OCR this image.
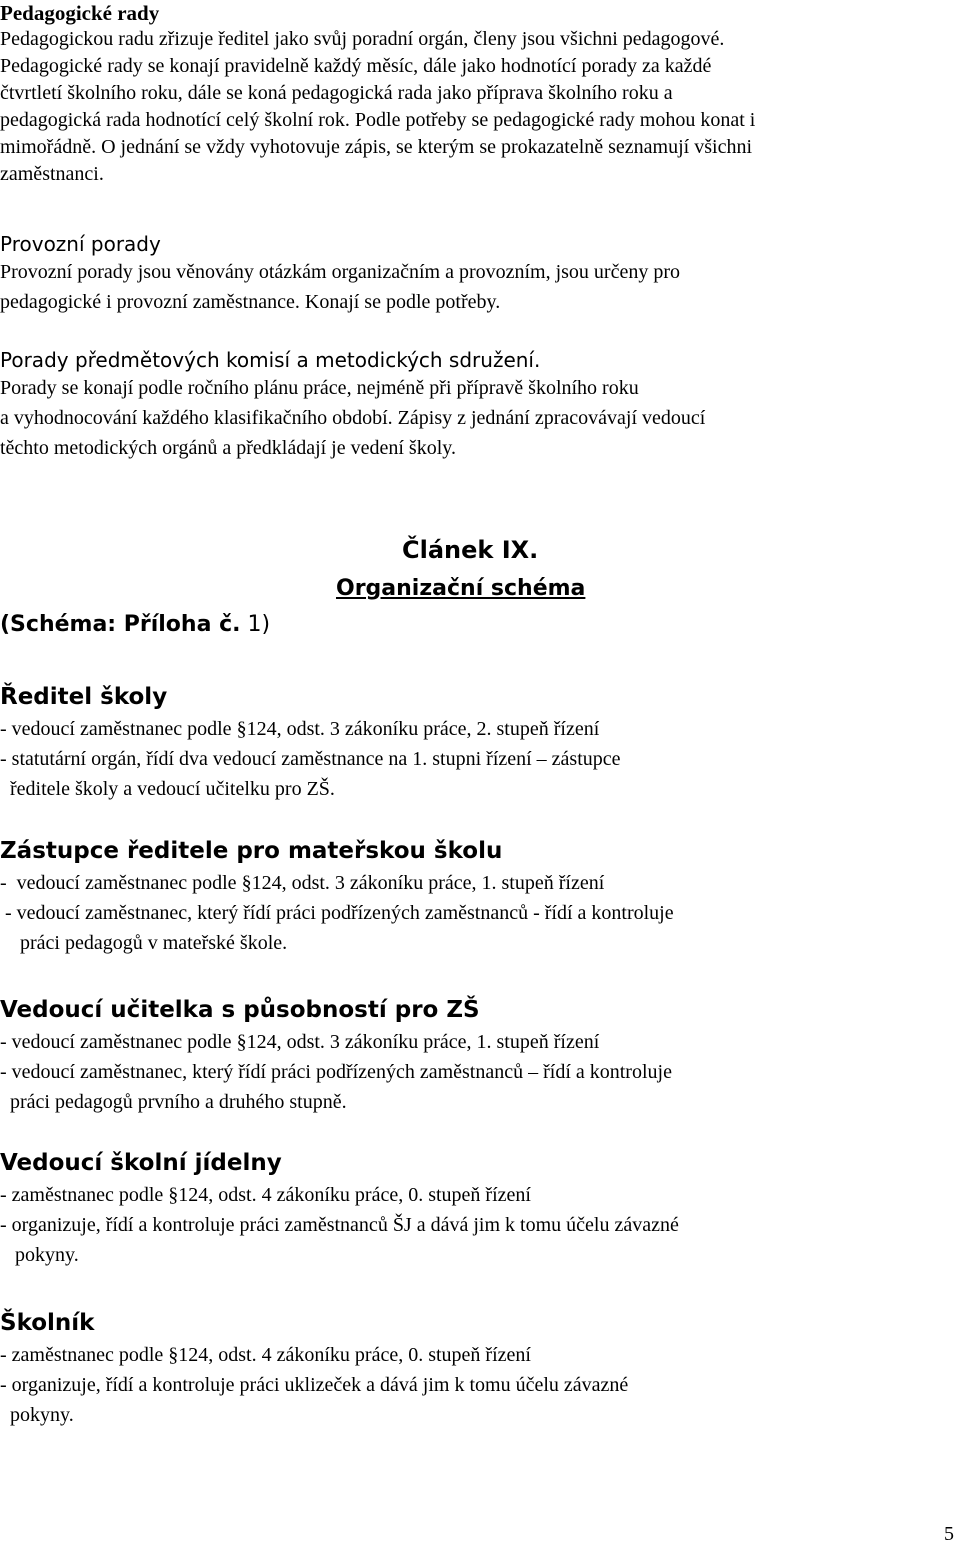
Pedagogické rady

Pedagogickou radu zřizuje ředitel jako svůj poradní orgán, členy jsou všichni pedagogové.

Pedagogické rady se konají pravidelně každý měsíc, dále jako hodnotící porady za každé

čtvrtletí školního roku, dále se koná pedagogická rada jako příprava školního roku a

pedagogická rada hodnotící celý školní rok. Podle potřeby se pedagogické rady mohou konat i

mimořádně. O jednání se vždy vyhotovuje zápis, se kterým se prokazatelně seznamují všichni

zaměstnanci.

Provozní porady

Provozní porady jsou věnovány otázkám organizačním a provozním, jsou určeny pro

pedagogické i provozní zaměstnance. Konají se podle potřeby.

Porady předmětových komisí a metodických sdružení.

Porady se konají podle ročního plánu práce, nejméně při přípravě školního roku

a vyhodnocování každého klasifikačního období. Zápisy z jednání zpracovávají vedoucí

těchto metodických orgánů a předkládají je vedení školy.

Článek IX.
Organizační schéma
(Schéma: Příloha č. 1)

Ředitel školy

- vedoucí zaměstnanec podle §124, odst. 3 zákoníku práce, 2. stupeň řízení

- statutární orgán, řídí dva vedoucí zaměstnance na 1. stupni řízení – zástupce

ředitele školy a vedoucí učitelku pro ZŠ.

Zástupce ředitele pro mateřskou školu

-  vedoucí zaměstnanec podle §124, odst. 3 zákoníku práce, 1. stupeň řízení

- vedoucí zaměstnanec, který řídí práci podřízených zaměstnanců - řídí a kontroluje

práci pedagogů v mateřské škole.

Vedoucí učitelka s působností pro ZŠ

- vedoucí zaměstnanec podle §124, odst. 3 zákoníku práce, 1. stupeň řízení

- vedoucí zaměstnanec, který řídí práci podřízených zaměstnanců – řídí a kontroluje

práci pedagogů prvního a druhého stupně.

Vedoucí školní jídelny

- zaměstnanec podle §124, odst. 4 zákoníku práce, 0. stupeň řízení

- organizuje, řídí a kontroluje práci zaměstnanců ŠJ a dává jim k tomu účelu závazné

pokyny.

Školník

- zaměstnanec podle §124, odst. 4 zákoníku práce, 0. stupeň řízení

- organizuje, řídí a kontroluje práci uklizeček a dává jim k tomu účelu závazné

pokyny.

5
